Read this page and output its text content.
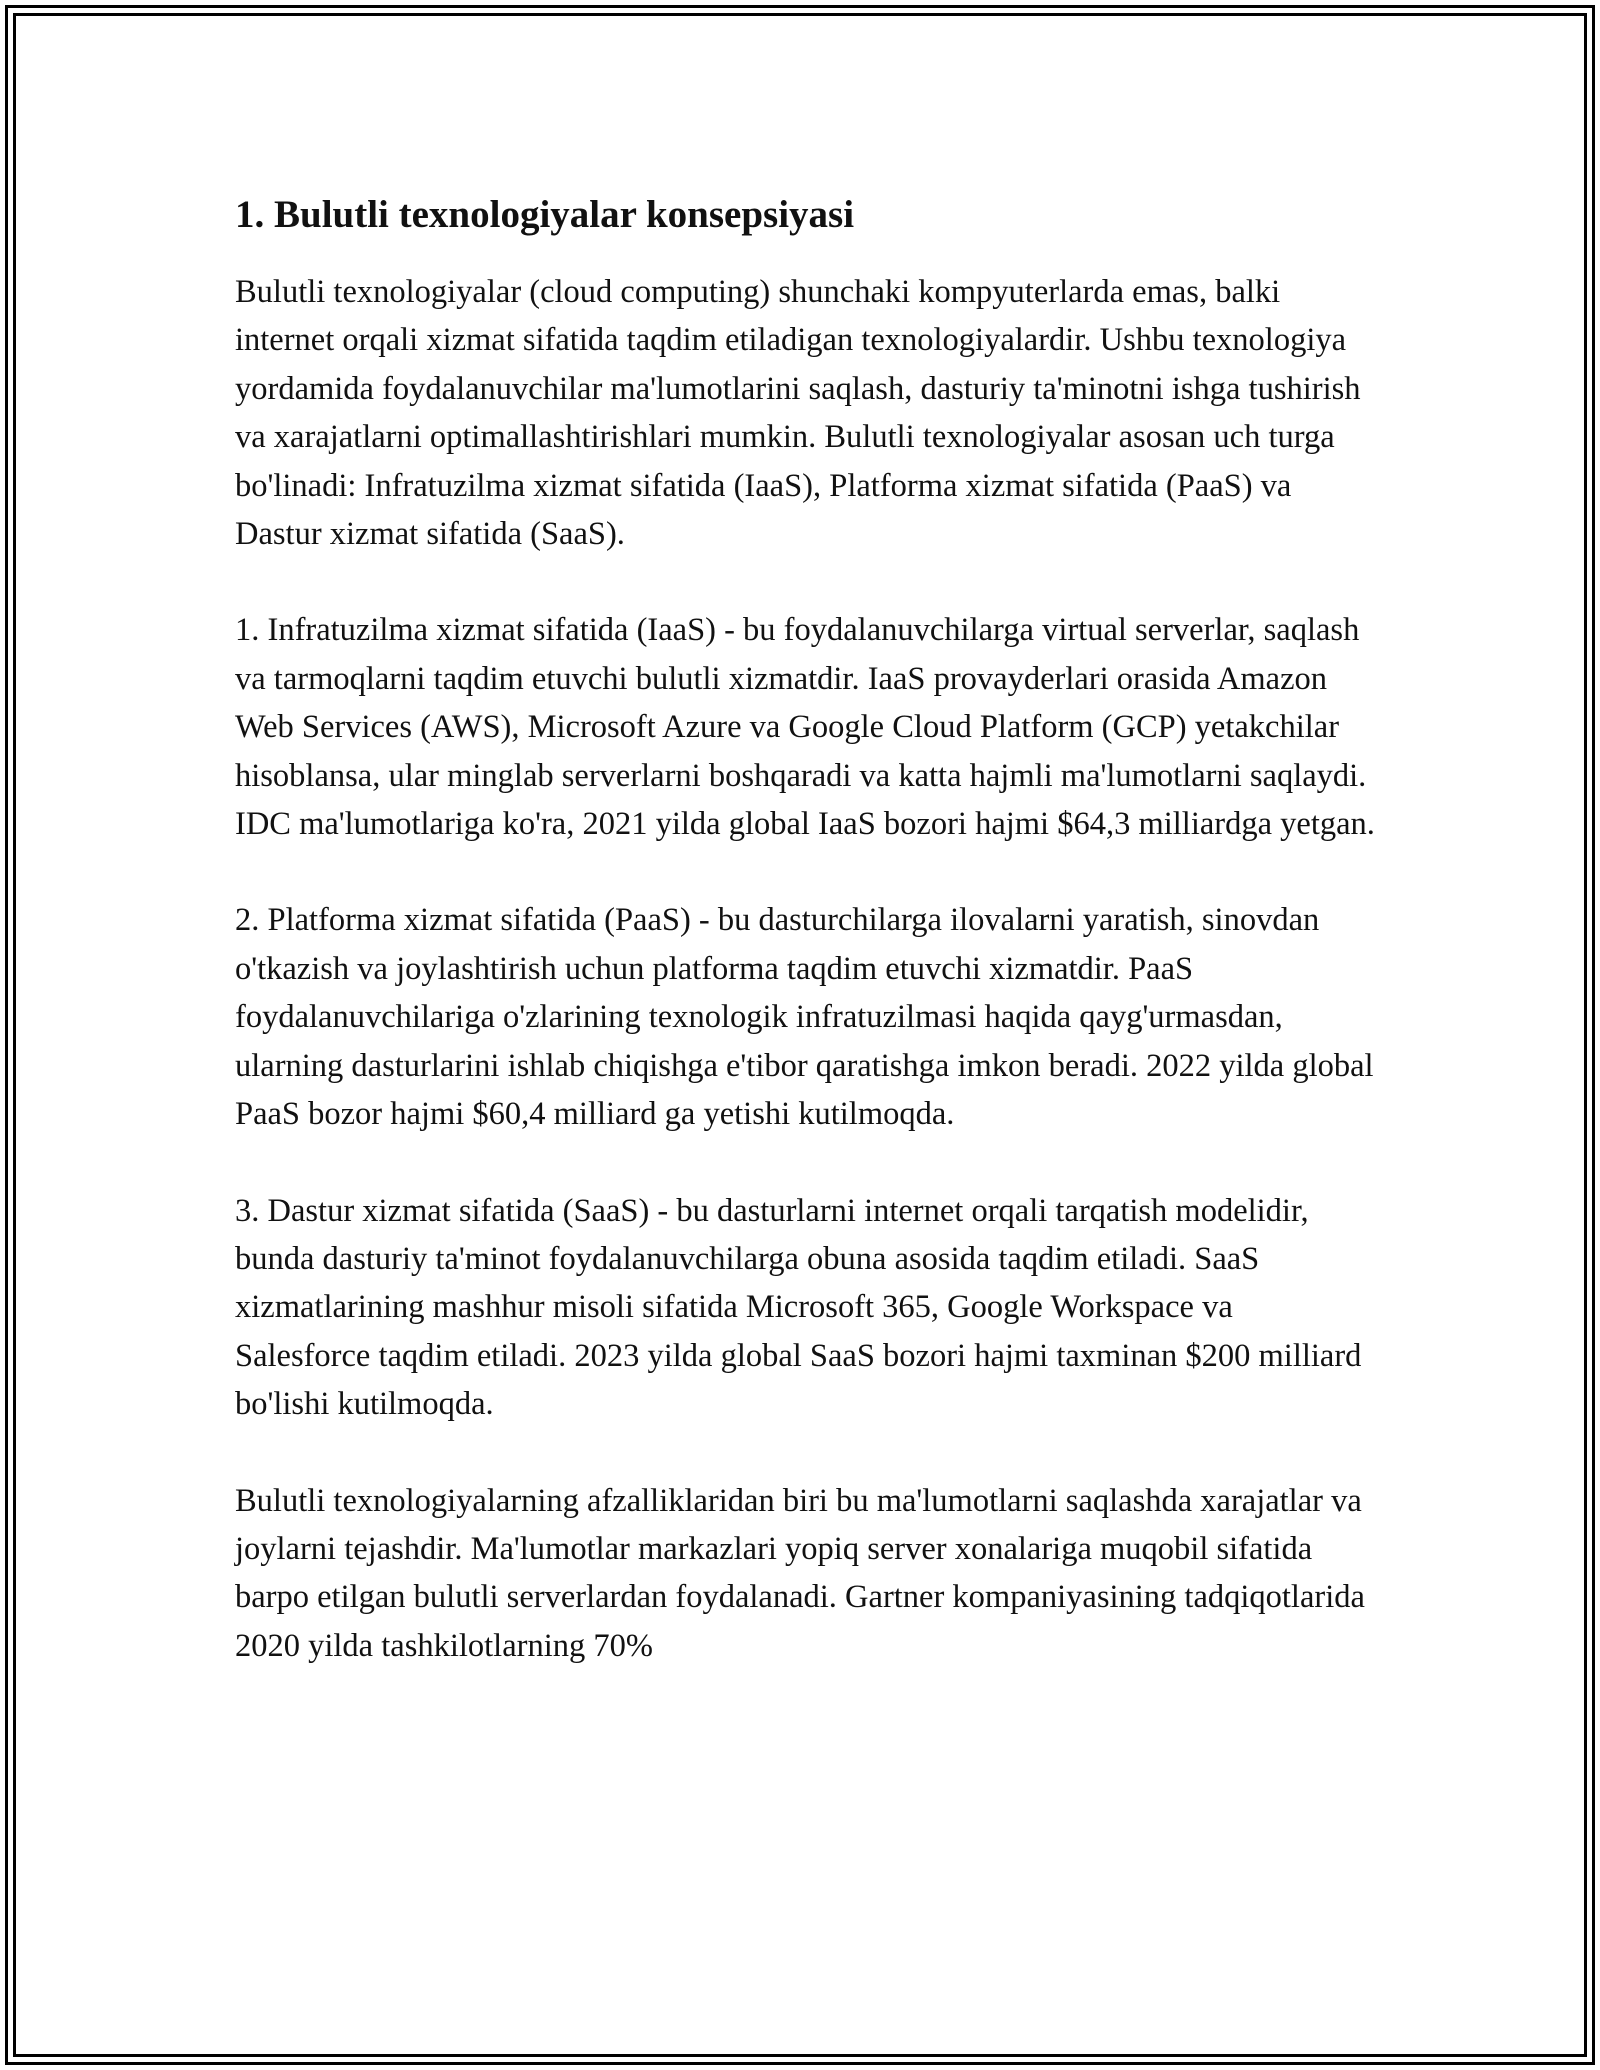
1. Bulutli texnologiyalar konsepsiyasi

Bulutli texnologiyalar (cloud computing) shunchaki kompyuterlarda emas, balki internet orqali xizmat sifatida taqdim etiladigan texnologiyalardir. Ushbu texnologiya yordamida foydalanuvchilar ma'lumotlarini saqlash, dasturiy ta'minotni ishga tushirish va xarajatlarni optimallashtirishlari mumkin. Bulutli texnologiyalar asosan uch turga bo'linadi: Infratuzilma xizmat sifatida (IaaS), Platforma xizmat sifatida (PaaS) va Dastur xizmat sifatida (SaaS).

1. Infratuzilma xizmat sifatida (IaaS) - bu foydalanuvchilarga virtual serverlar, saqlash va tarmoqlarni taqdim etuvchi bulutli xizmatdir. IaaS provayderlari orasida Amazon Web Services (AWS), Microsoft Azure va Google Cloud Platform (GCP) yetakchilar hisoblansa, ular minglab serverlarni boshqaradi va katta hajmli ma'lumotlarni saqlaydi. IDC ma'lumotlariga ko'ra, 2021 yilda global IaaS bozori hajmi $64,3 milliardga yetgan.

2. Platforma xizmat sifatida (PaaS) - bu dasturchilarga ilovalarni yaratish, sinovdan o'tkazish va joylashtirish uchun platforma taqdim etuvchi xizmatdir. PaaS foydalanuvchilariga o'zlarining texnologik infratuzilmasi haqida qayg'urmasdan, ularning dasturlarini ishlab chiqishga e'tibor qaratishga imkon beradi. 2022 yilda global PaaS bozor hajmi $60,4 milliard ga yetishi kutilmoqda.

3. Dastur xizmat sifatida (SaaS) - bu dasturlarni internet orqali tarqatish modelidir, bunda dasturiy ta'minot foydalanuvchilarga obuna asosida taqdim etiladi. SaaS xizmatlarining mashhur misoli sifatida Microsoft 365, Google Workspace va Salesforce taqdim etiladi. 2023 yilda global SaaS bozori hajmi taxminan $200 milliard bo'lishi kutilmoqda.

Bulutli texnologiyalarning afzalliklaridan biri bu ma'lumotlarni saqlashda xarajatlar va joylarni tejashdir. Ma'lumotlar markazlari yopiq server xonalariga muqobil sifatida barpo etilgan bulutli serverlardan foydalanadi. Gartner kompaniyasining tadqiqotlarida 2020 yilda tashkilotlarning 70%
